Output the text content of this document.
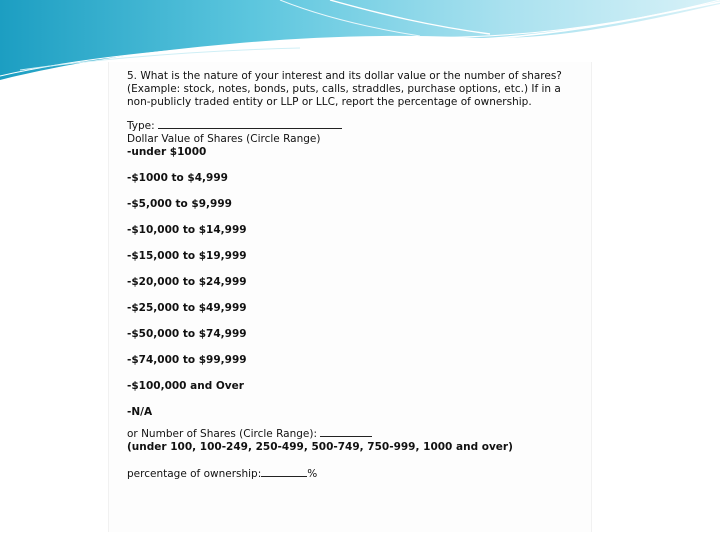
5. What is the nature of your interest and its dollar value or the number of shares?

(Example: stock, notes, bonds, puts, calls, straddles, purchase options, etc.) If in a

non-publicly traded entity or LLP or LLC, report the percentage of ownership.

Type:

Dollar Value of Shares (Circle Range)

-under $1000
-$1000 to $4,999
-$5,000 to $9,999
-$10,000 to $14,999
-$15,000 to $19,999
-$20,000 to $24,999
-$25,000 to $49,999
-$50,000 to $74,999
-$74,000 to $99,999
-$100,000 and Over
-N/A

or Number of Shares (Circle Range):

(under 100, 100-249, 250-499, 500-749, 750-999, 1000 and over)

percentage of ownership:	%
